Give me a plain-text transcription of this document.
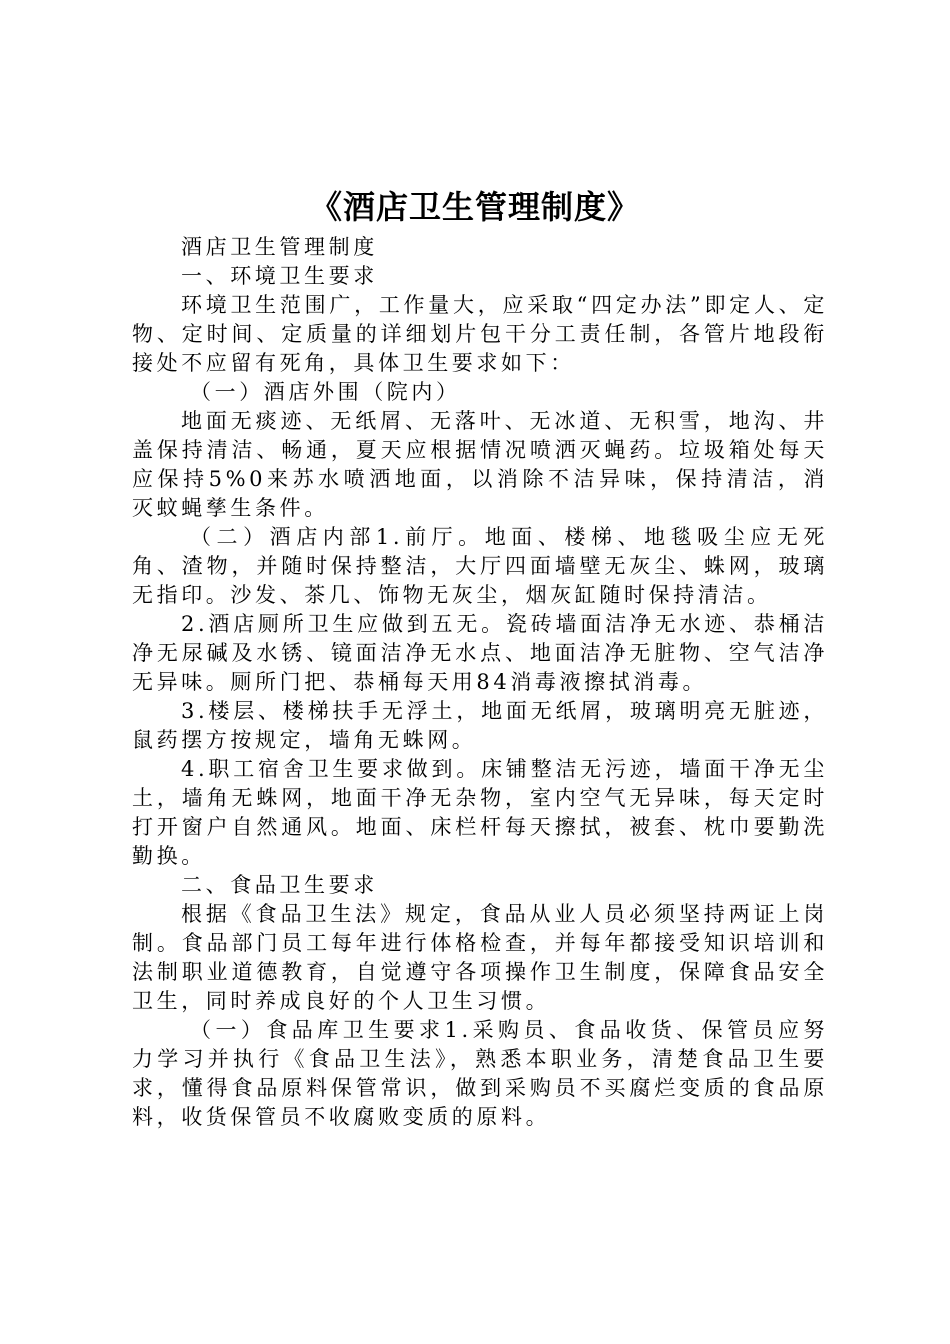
《酒店卫生管理制度》

酒店卫生管理制度

一、环境卫生要求

环境卫生范围广，工作量大，应采取“四定办法”即定人、定物、定时间、定质量的详细划片包干分工责任制，各管片地段衔接处不应留有死角，具体卫生要求如下：

（一）酒店外围（院内）

地面无痰迹、无纸屑、无落叶、无冰道、无积雪，地沟、井盖保持清洁、畅通，夏天应根据情况喷洒灭蝇药。垃圾箱处每天应保持5%0来苏水喷洒地面，以消除不洁异味，保持清洁，消灭蚊蝇孳生条件。

（二）酒店内部1.前厅。地面、楼梯、地毯吸尘应无死角、渣物，并随时保持整洁，大厅四面墙壁无灰尘、蛛网，玻璃无指印。沙发、茶几、饰物无灰尘，烟灰缸随时保持清洁。

2.酒店厕所卫生应做到五无。瓷砖墙面洁净无水迹、恭桶洁净无尿碱及水锈、镜面洁净无水点、地面洁净无脏物、空气洁净无异味。厕所门把、恭桶每天用84消毒液擦拭消毒。

3.楼层、楼梯扶手无浮土，地面无纸屑，玻璃明亮无脏迹，鼠药摆方按规定，墙角无蛛网。

4.职工宿舍卫生要求做到。床铺整洁无污迹，墙面干净无尘土，墙角无蛛网，地面干净无杂物，室内空气无异味，每天定时打开窗户自然通风。地面、床栏杆每天擦拭，被套、枕巾要勤洗勤换。

二、食品卫生要求

根据《食品卫生法》规定，食品从业人员必须坚持两证上岗制。食品部门员工每年进行体格检查，并每年都接受知识培训和法制职业道德教育，自觉遵守各项操作卫生制度，保障食品安全卫生，同时养成良好的个人卫生习惯。

（一）食品库卫生要求1.采购员、食品收货、保管员应努力学习并执行《食品卫生法》，熟悉本职业务，清楚食品卫生要求，懂得食品原料保管常识，做到采购员不买腐烂变质的食品原料，收货保管员不收腐败变质的原料。
